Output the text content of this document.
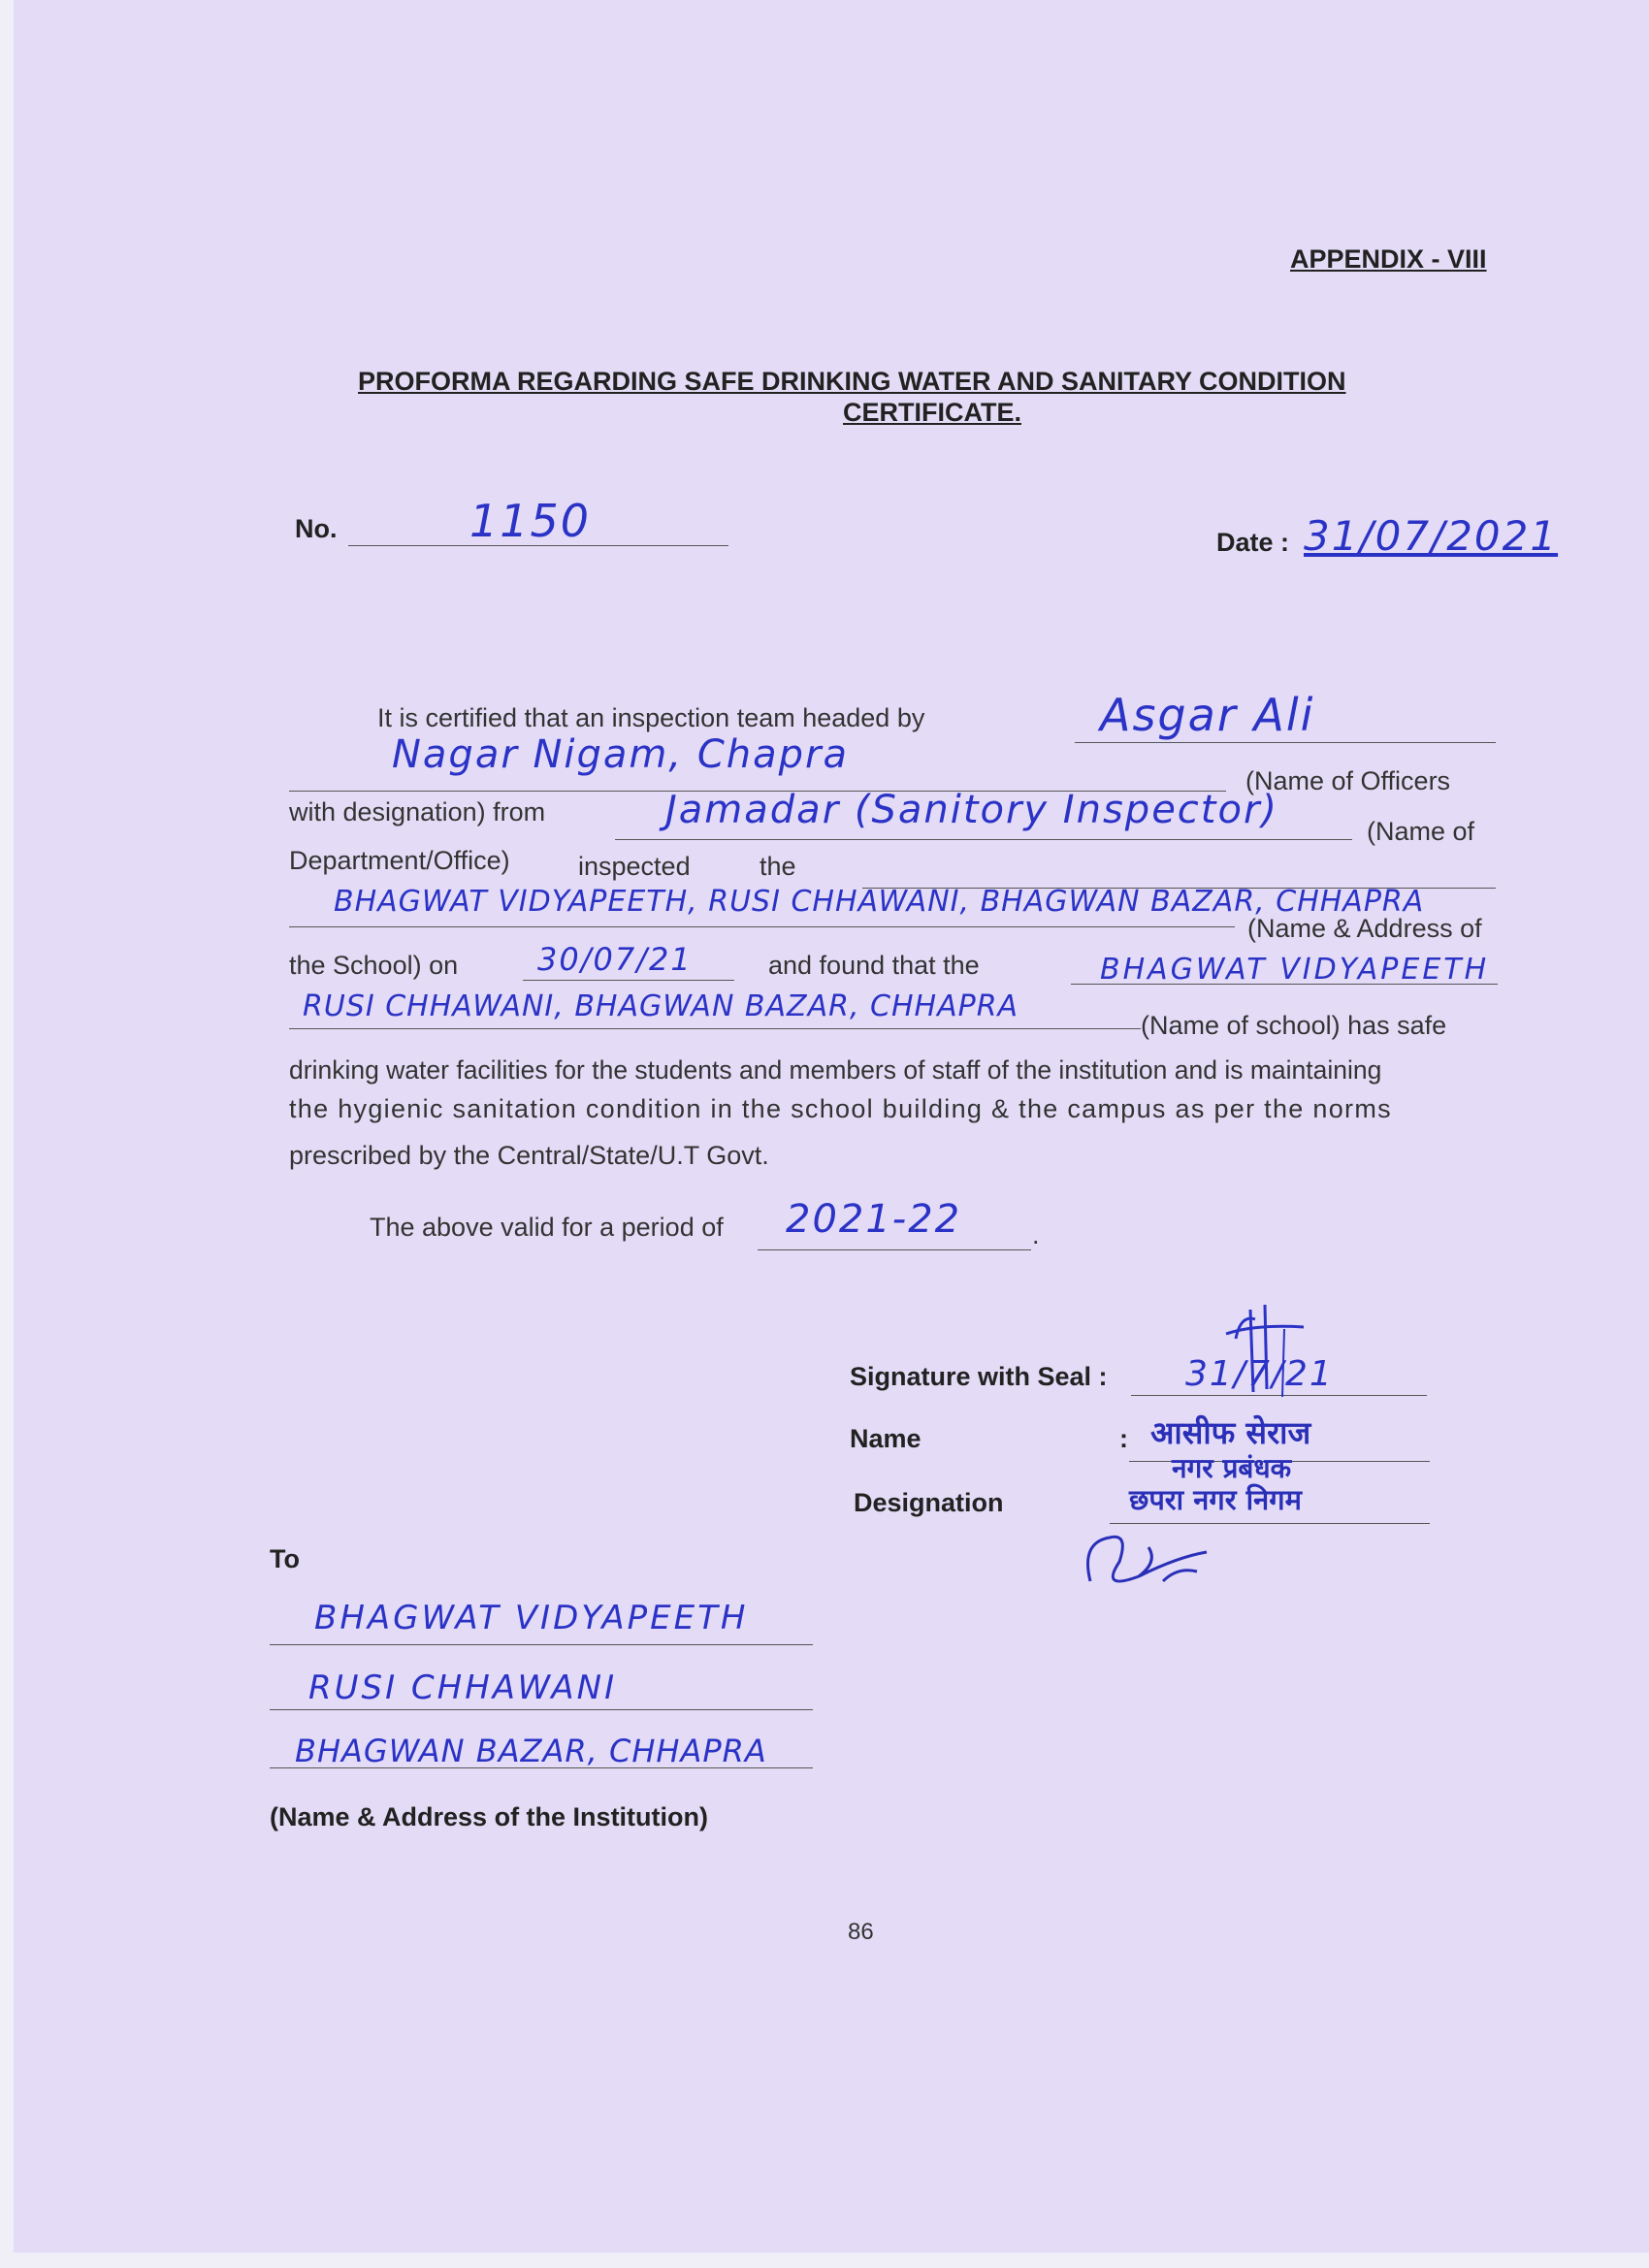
APPENDIX - VIII
PROFORMA REGARDING SAFE DRINKING WATER AND SANITARY CONDITION
CERTIFICATE.
No.	1150	Date : 31/07/2021
It is certified that an inspection team headed by	Asgar Ali
Nagar Nigam, Chapra
(Name of Officers
with designation) from	Jamadar (Sanitory Inspector)	(Name of
Department/Office)	inspected	the
BHAGWAT VIDYAPEETH, RUSI CHHAWANI, BHAGWAN BAZAR, CHHAPRA
(Name & Address of
the School) on	30/07/21	and found that the	BHAGWAT VIDYAPEETH
RUSI CHHAWANI, BHAGWAN BAZAR, CHHAPRA
(Name of school) has safe
drinking water facilities for the students and members of staff of the institution and is maintaining
the hygienic sanitation condition in the school building & the campus as per the norms
prescribed by the Central/State/U.T Govt.
The above valid for a period of 2021-22	.
Signature with Seal : 31/7/21
Name	: आसीफ सेराज
नगर प्रबंधक
Designation	छपरा नगर निगम
To
BHAGWAT VIDYAPEETH
RUSI CHHAWANI
BHAGWAN BAZAR, CHHAPRA
(Name & Address of the Institution)
86
